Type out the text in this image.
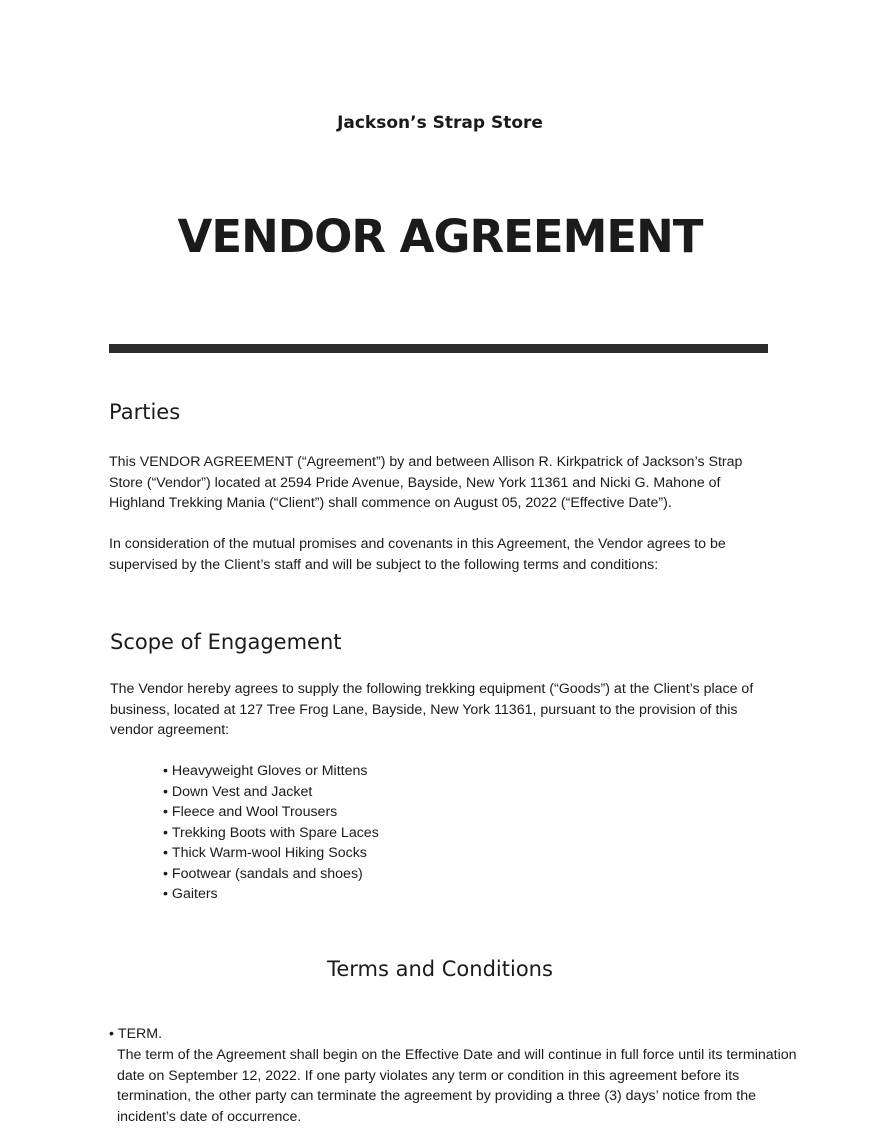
Jackson’s Strap Store
VENDOR AGREEMENT
Parties

This VENDOR AGREEMENT (“Agreement”) by and between Allison R. Kirkpatrick of Jackson’s Strap Store (“Vendor”) located at 2594 Pride Avenue, Bayside, New York 11361 and Nicki G. Mahone of Highland Trekking Mania (“Client”) shall commence on August 05, 2022 (“Effective Date”).

In consideration of the mutual promises and covenants in this Agreement, the Vendor agrees to be supervised by the Client’s staff and will be subject to the following terms and conditions:

Scope of Engagement

The Vendor hereby agrees to supply the following trekking equipment (“Goods”) at the Client’s place of business, located at 127 Tree Frog Lane, Bayside, New York 11361, pursuant to the provision of this vendor agreement:

• Heavyweight Gloves or Mittens
• Down Vest and Jacket
• Fleece and Wool Trousers
• Trekking Boots with Spare Laces
• Thick Warm-wool Hiking Socks
• Footwear (sandals and shoes)
• Gaiters
Terms and Conditions
• TERM.

The term of the Agreement shall begin on the Effective Date and will continue in full force until its termination date on September 12, 2022. If one party violates any term or condition in this agreement before its termination, the other party can terminate the agreement by providing a three (3) days’ notice from the incident’s date of occurrence.
